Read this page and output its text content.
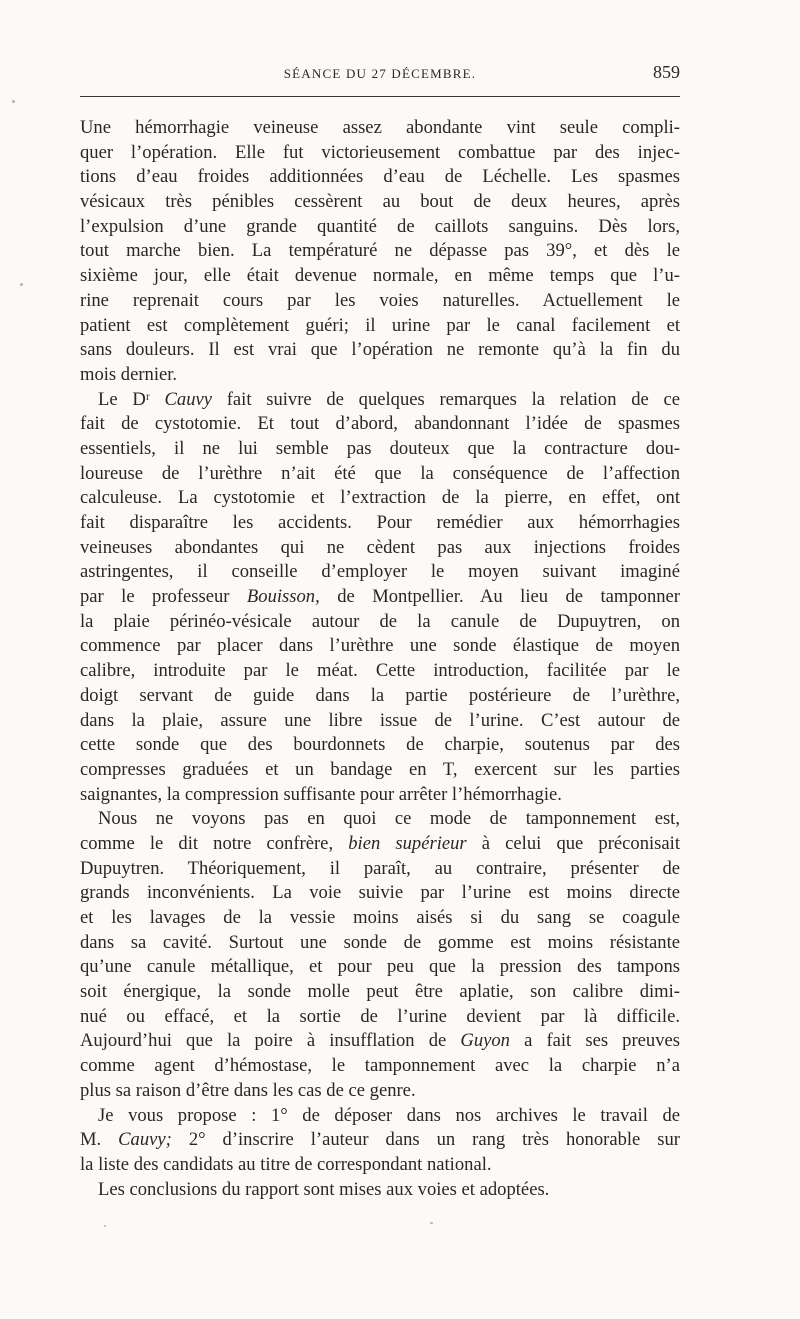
SÉANCE DU 27 DÉCEMBRE.	859
Une hémorrhagie veineuse assez abondante vint seule compli-
quer l’opération. Elle fut victorieusement combattue par des injec-
tions d’eau froides additionnées d’eau de Léchelle. Les spasmes
vésicaux très pénibles cessèrent au bout de deux heures, après
l’expulsion d’une grande quantité de caillots sanguins. Dès lors,
tout marche bien. La températuré ne dépasse pas 39°, et dès le
sixième jour, elle était devenue normale, en même temps que l’u-
rine reprenait cours par les voies naturelles. Actuellement le
patient est complètement guéri; il urine par le canal facilement et
sans douleurs. Il est vrai que l’opération ne remonte qu’à la fin du
mois dernier.
Le Dʳ Cauvy fait suivre de quelques remarques la relation de ce
fait de cystotomie. Et tout d’abord, abandonnant l’idée de spasmes
essentiels, il ne lui semble pas douteux que la contracture dou-
loureuse de l’urèthre n’ait été que la conséquence de l’affection
calculeuse. La cystotomie et l’extraction de la pierre, en effet, ont
fait disparaître les accidents. Pour remédier aux hémorrhagies
veineuses abondantes qui ne cèdent pas aux injections froides
astringentes, il conseille d’employer le moyen suivant imaginé
par le professeur Bouisson, de Montpellier. Au lieu de tamponner
la plaie périnéo-vésicale autour de la canule de Dupuytren, on
commence par placer dans l’urèthre une sonde élastique de moyen
calibre, introduite par le méat. Cette introduction, facilitée par le
doigt servant de guide dans la partie postérieure de l’urèthre,
dans la plaie, assure une libre issue de l’urine. C’est autour de
cette sonde que des bourdonnets de charpie, soutenus par des
compresses graduées et un bandage en T, exercent sur les parties
saignantes, la compression suffisante pour arrêter l’hémorrhagie.
Nous ne voyons pas en quoi ce mode de tamponnement est,
comme le dit notre confrère, bien supérieur à celui que préconisait
Dupuytren. Théoriquement, il paraît, au contraire, présenter de
grands inconvénients. La voie suivie par l’urine est moins directe
et les lavages de la vessie moins aisés si du sang se coagule
dans sa cavité. Surtout une sonde de gomme est moins résistante
qu’une canule métallique, et pour peu que la pression des tampons
soit énergique, la sonde molle peut être aplatie, son calibre dimi-
nué ou effacé, et la sortie de l’urine devient par là difficile.
Aujourd’hui que la poire à insufflation de Guyon a fait ses preuves
comme agent d’hémostase, le tamponnement avec la charpie n’a
plus sa raison d’être dans les cas de ce genre.
Je vous propose : 1° de déposer dans nos archives le travail de
M. Cauvy; 2° d’inscrire l’auteur dans un rang très honorable sur
la liste des candidats au titre de correspondant national.
Les conclusions du rapport sont mises aux voies et adoptées.
